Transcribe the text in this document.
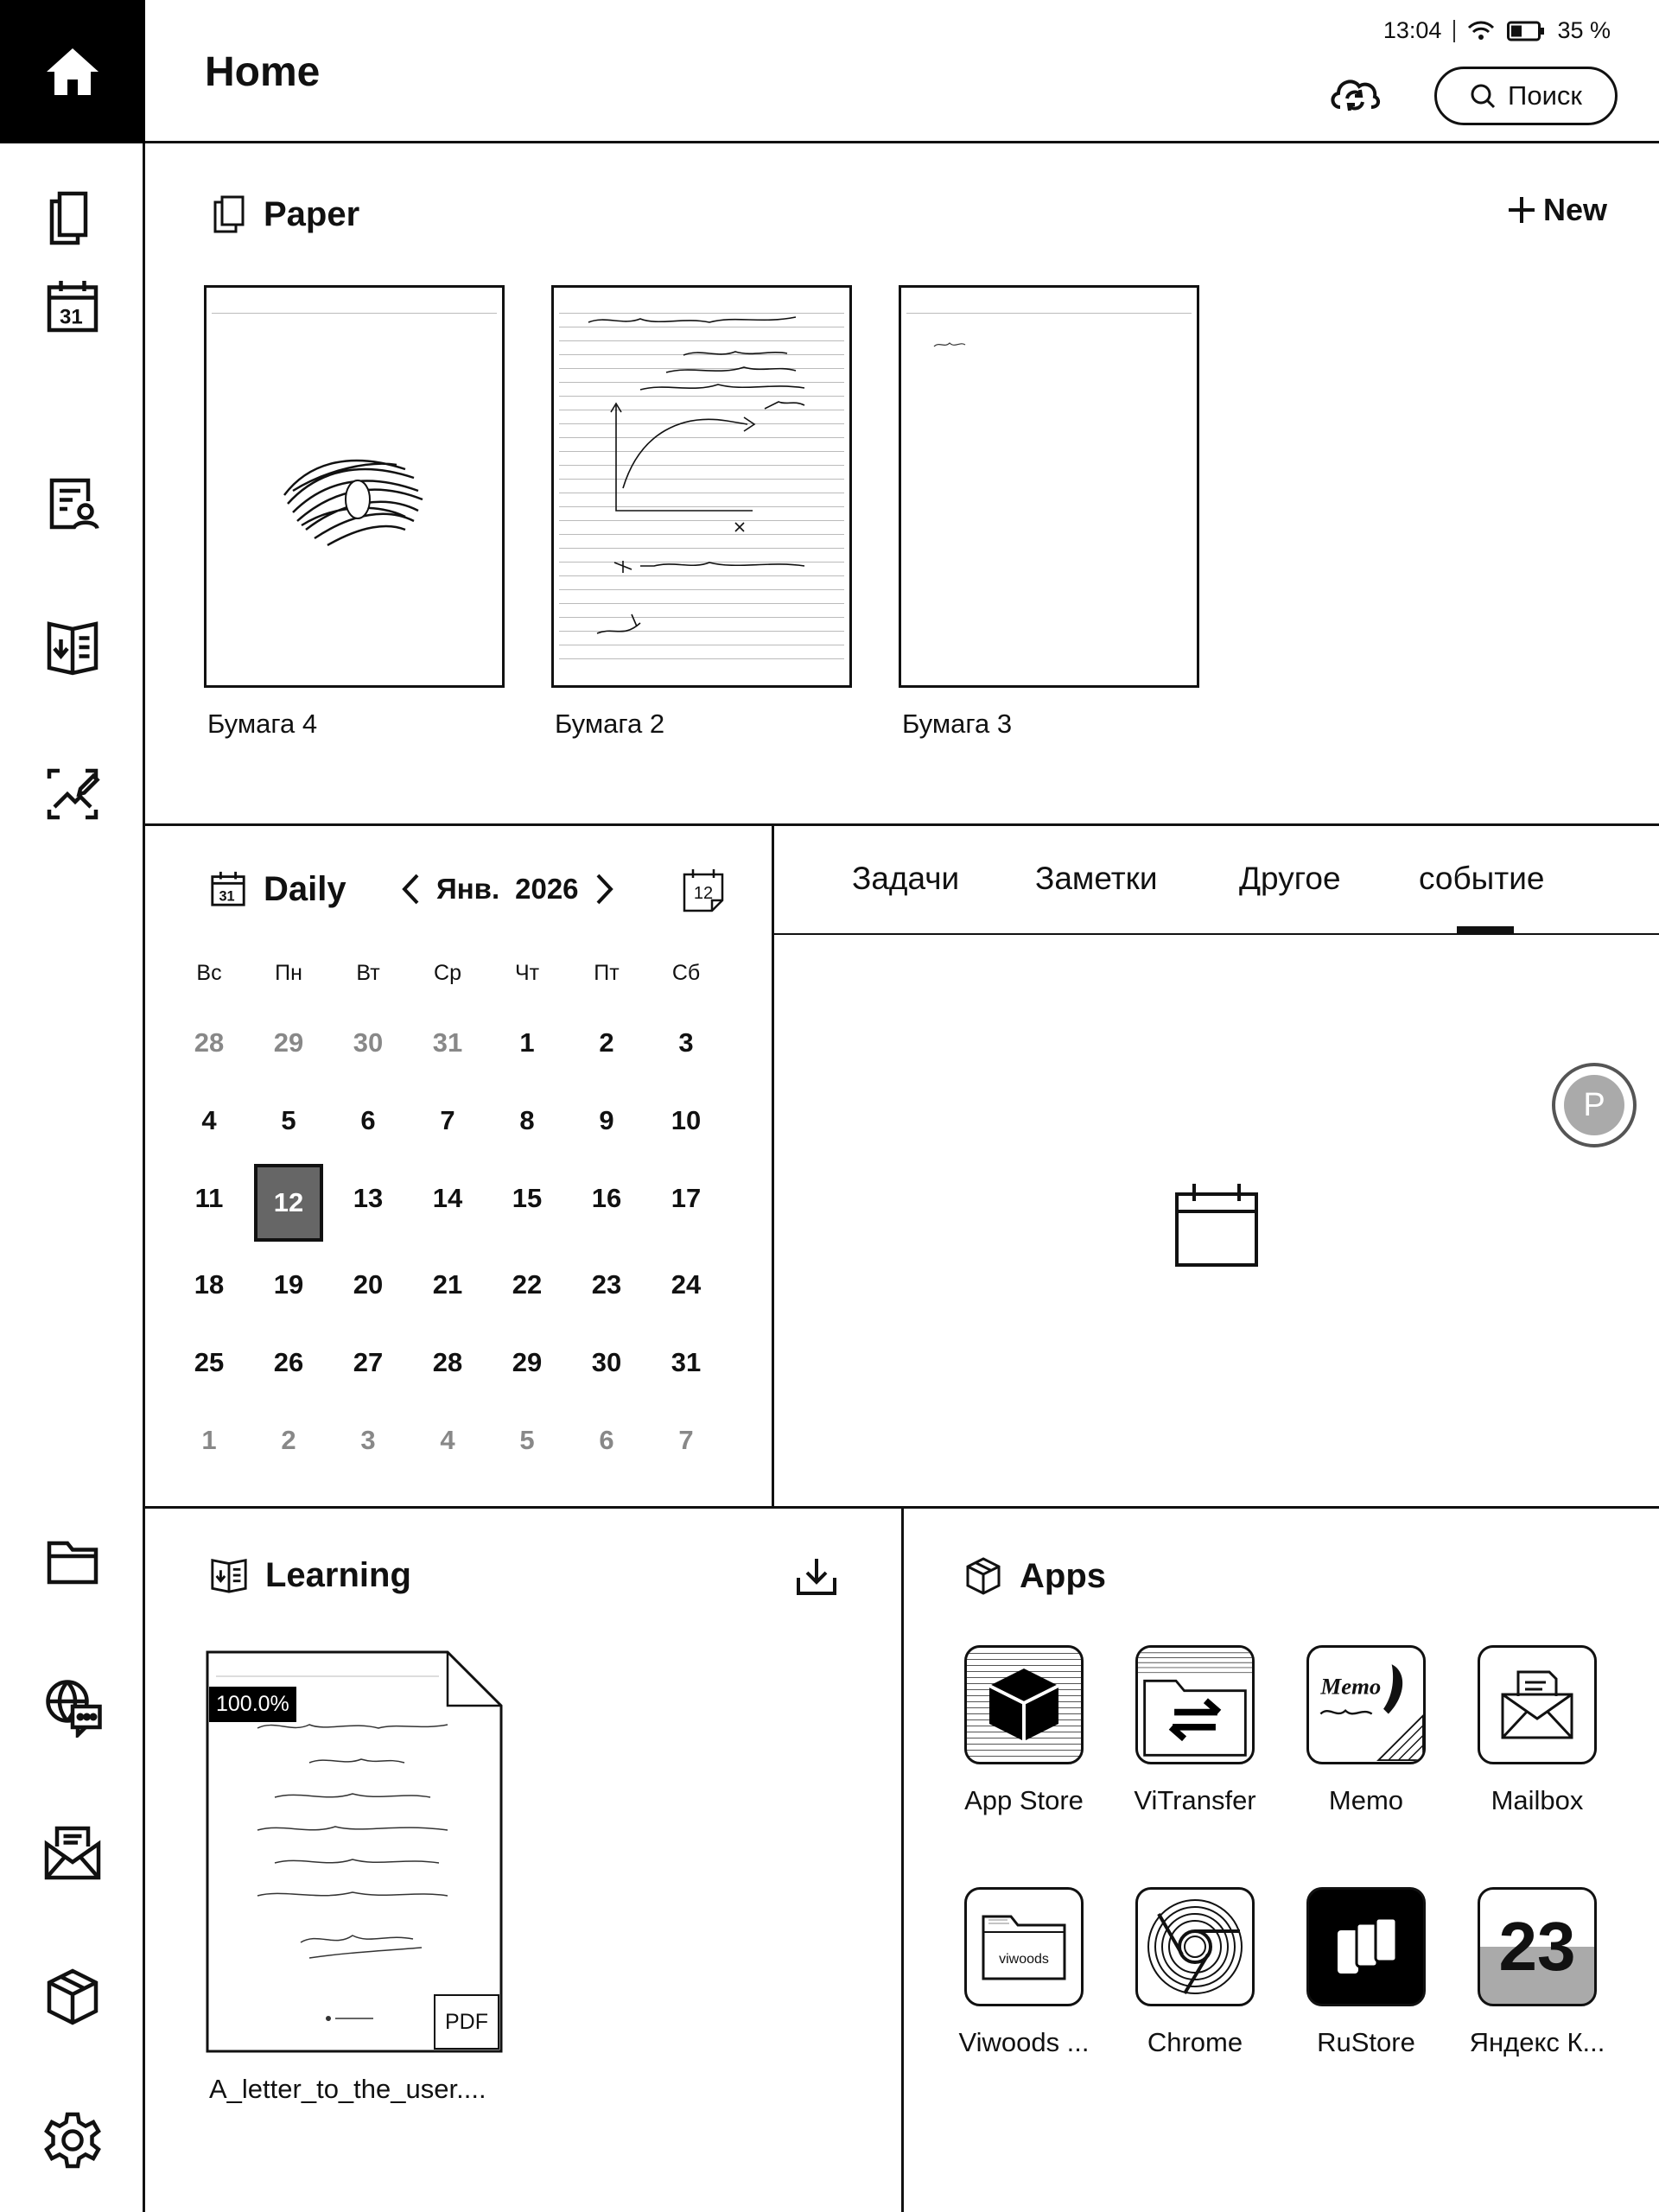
31
Home
13:04	35 %
Поиск
Paper	New
Бумага 4	Бумага 2	Бумага 3
31 Daily	Янв. 2026	12
Вс	Пн	Вт	Ср	Чт	Пт	Сб
28	29	30	31	1	2	3
4	5	6	7	8	9	10
11	12	13	14	15	16	17
18	19	20	21	22	23	24
25	26	27	28	29	30	31
1	2	3	4	5	6	7
Задачи Заметки	Другое событие
P
Learning
100.0%
PDF
A_letter_to_the_user....
Apps
App Store	ViTransfer
Memo
Memo	Mailbox
viwoods
Viwoods ...	Chrome	RuStore
23
Яндекс К...
